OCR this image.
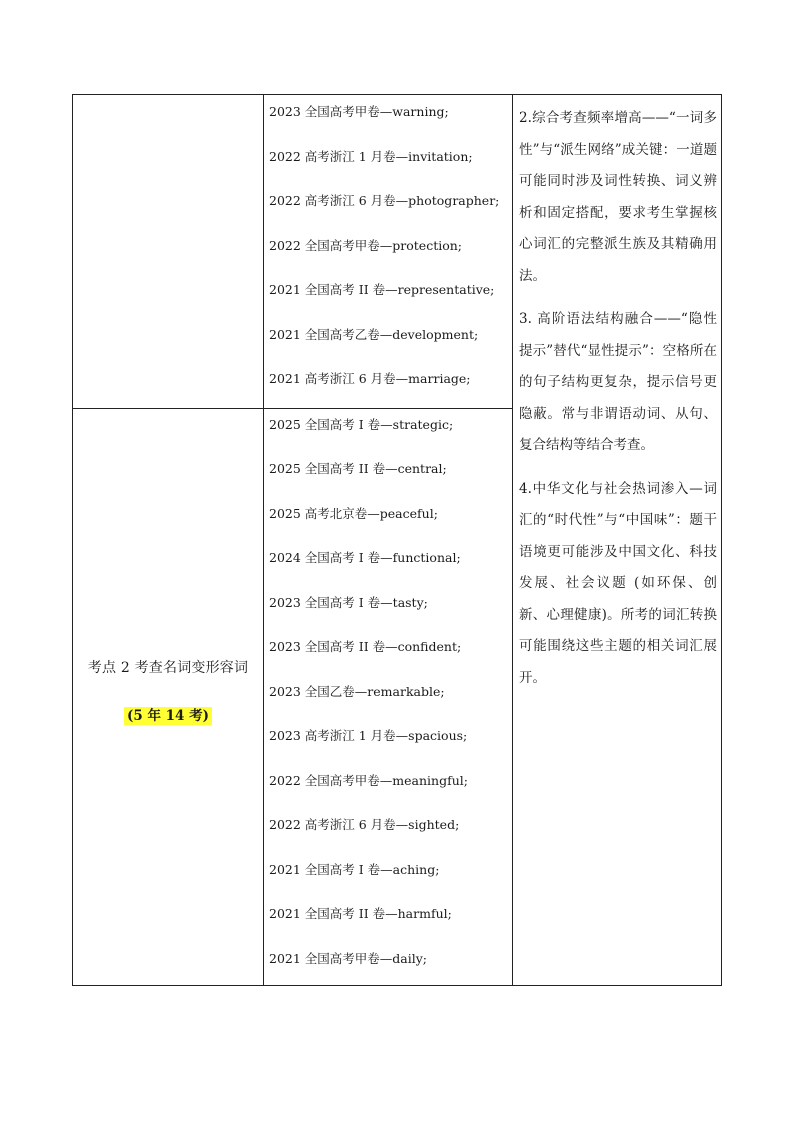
2023 全国高考甲卷—warning;
2022 高考浙江 1 月卷—invitation;
2022 高考浙江 6 月卷—photographer;
2022 全国高考甲卷—protection;
2021 全国高考 II 卷—representative;
2021 全国高考乙卷—development;
2021 高考浙江 6 月卷—marriage;
考点 2 考查名词变形容词
(5 年 14 考)
2025 全国高考 I 卷—strategic;
2025 全国高考 II 卷—central;
2025 高考北京卷—peaceful;
2024 全国高考 I 卷—functional;
2023 全国高考 I 卷—tasty;
2023 全国高考 II 卷—confident;
2023 全国乙卷—remarkable;
2023 高考浙江 1 月卷—spacious;
2022 全国高考甲卷—meaningful;
2022 高考浙江 6 月卷—sighted;
2021 全国高考 I 卷—aching;
2021 全国高考 II 卷—harmful;
2021 全国高考甲卷—daily;

2.综合考查频率增高——“一词多性”与“派生网络”成关键：一道题可能同时涉及词性转换、词义辨析和固定搭配，要求考生掌握核心词汇的完整派生族及其精确用法。

3. 高阶语法结构融合——“隐性提示”替代“显性提示”：空格所在的句子结构更复杂，提示信号更隐蔽。常与非谓语动词、从句、复合结构等结合考查。

4.中华文化与社会热词渗入—词汇的“时代性”与“中国味”：题干语境更可能涉及中国文化、科技发展、社会议题 (如环保、创新、心理健康)。所考的词汇转换可能围绕这些主题的相关词汇展开。
